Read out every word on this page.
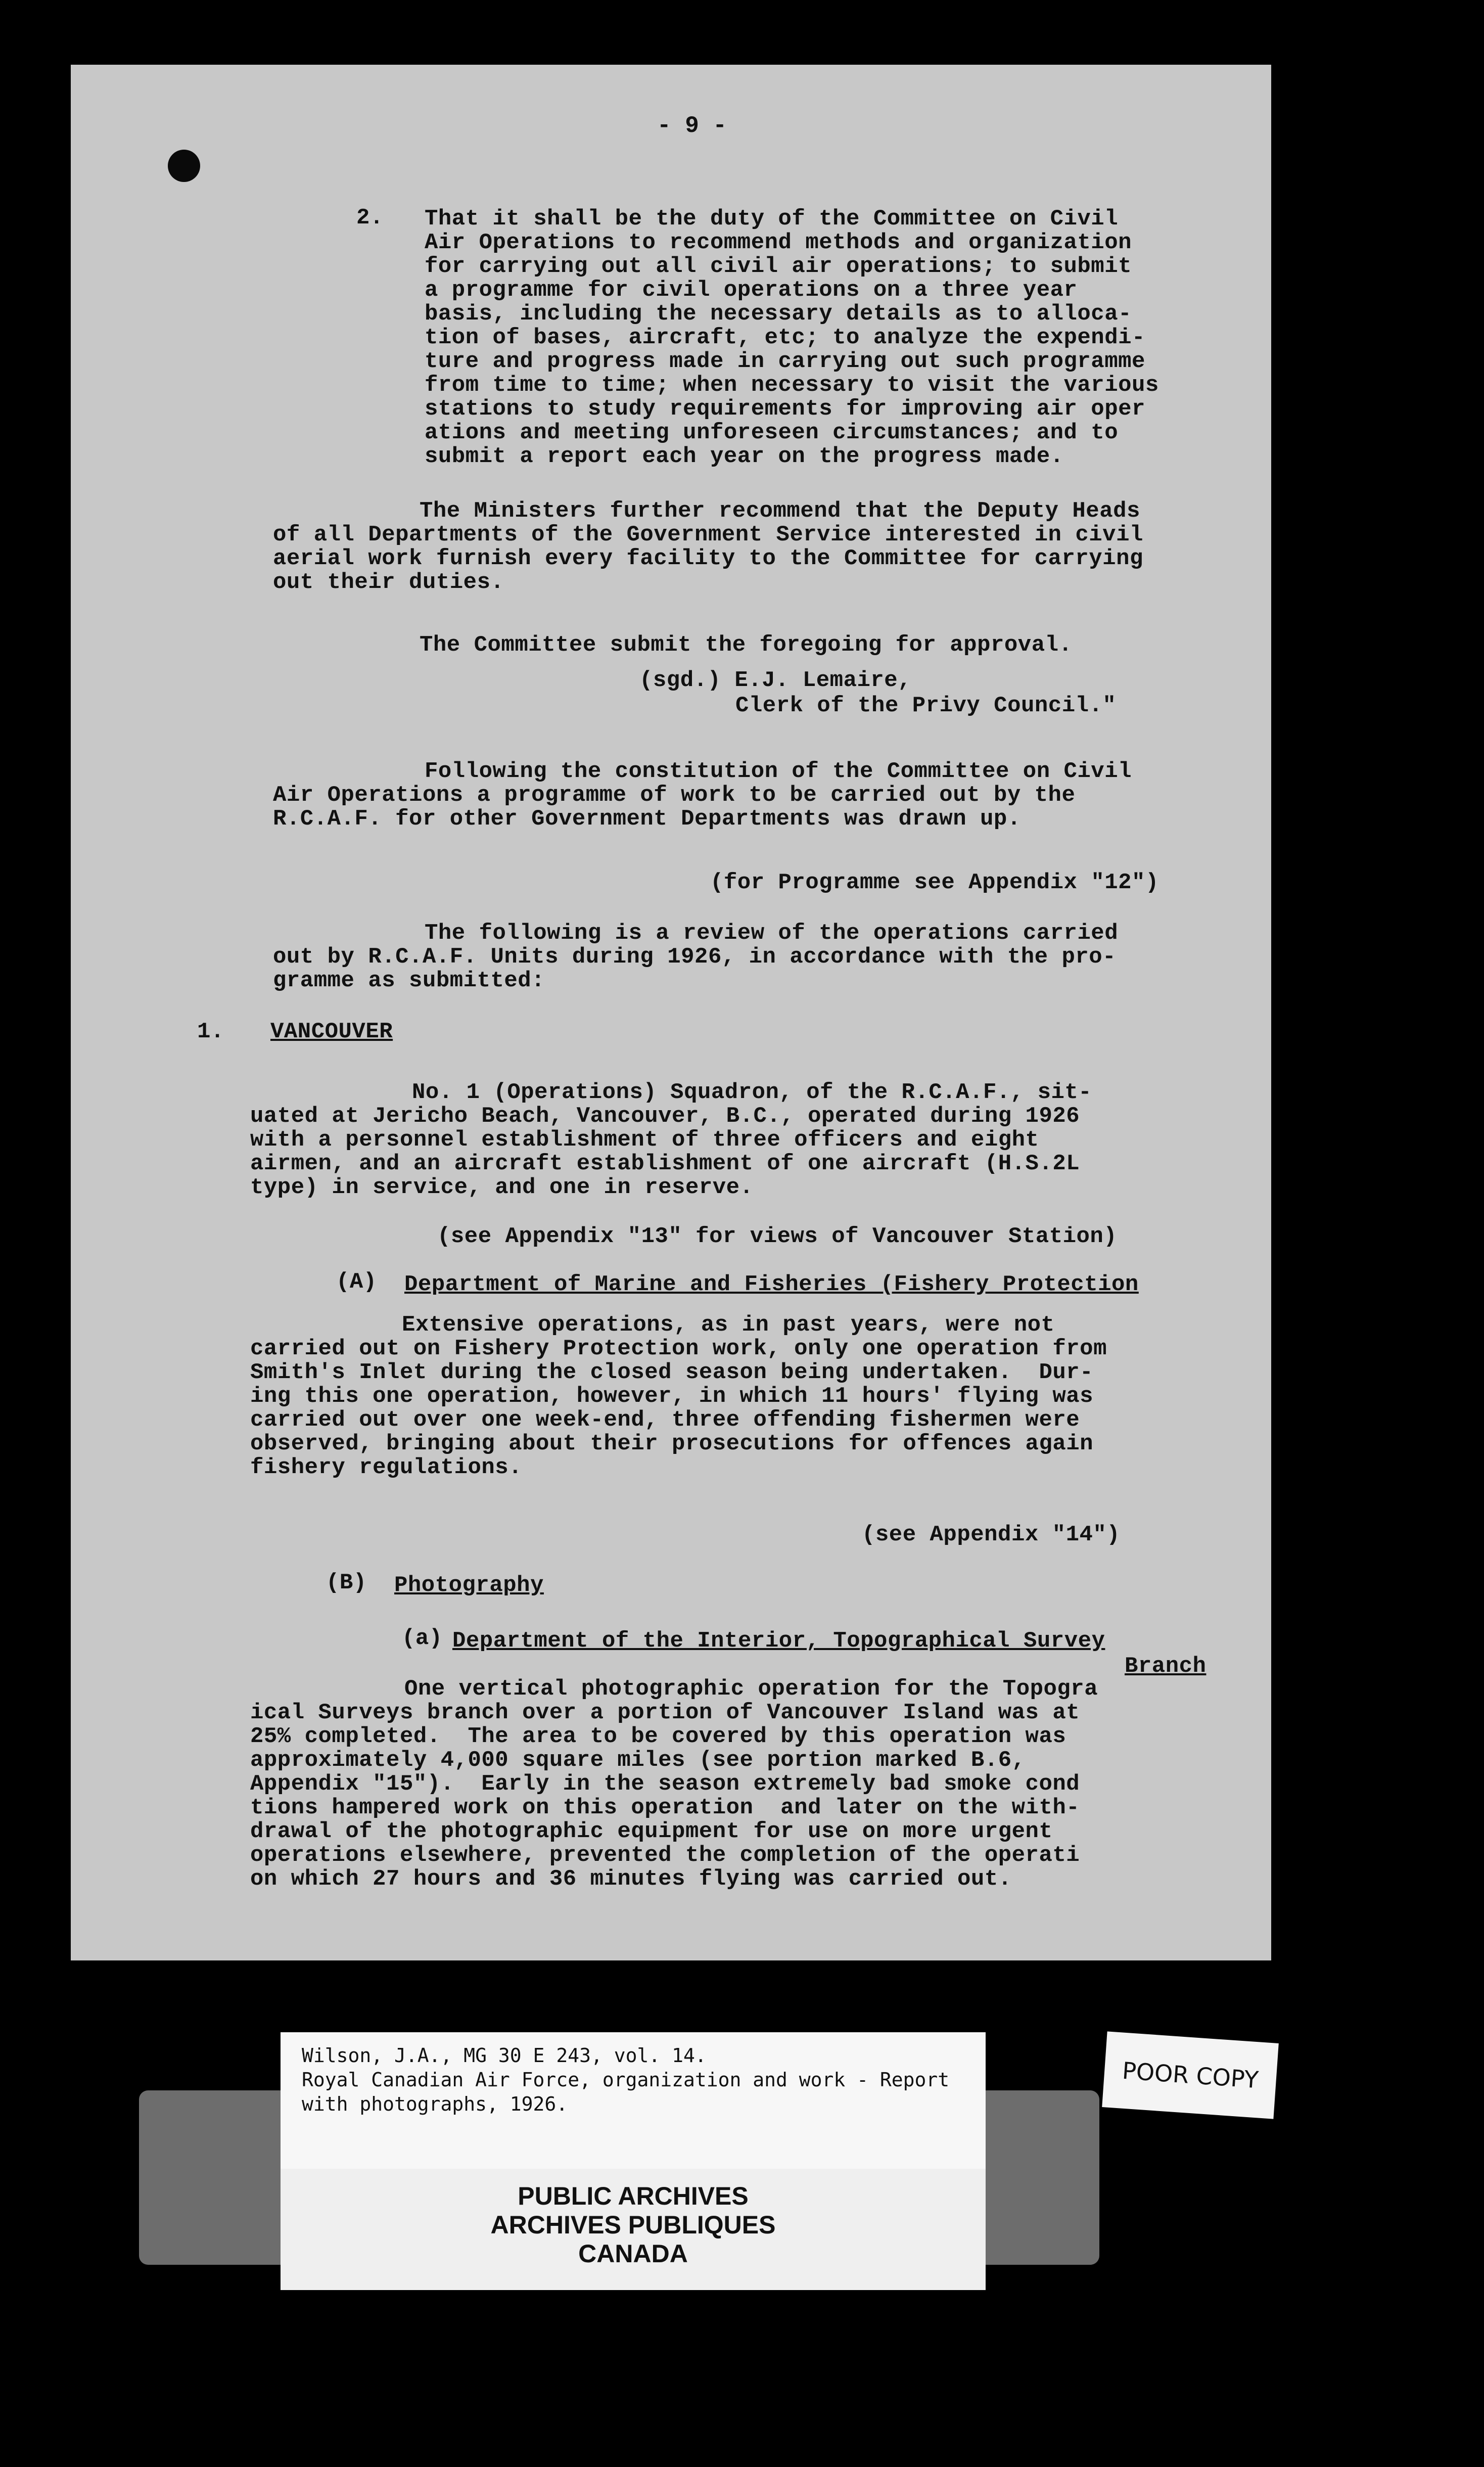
- 9 -
2. That it shall be the duty of the Committee on Civil
Air Operations to recommend methods and organization
for carrying out all civil air operations; to submit
a programme for civil operations on a three year
basis, including the necessary details as to alloca-
tion of bases, aircraft, etc; to analyze the expendi-
ture and progress made in carrying out such programme
from time to time; when necessary to visit the various
stations to study requirements for improving air oper
ations and meeting unforeseen circumstances; and to
submit a report each year on the progress made.
The Ministers further recommend that the Deputy Heads
of all Departments of the Government Service interested in civil
aerial work furnish every facility to the Committee for carrying
out their duties.
The Committee submit the foregoing for approval.
(sgd.) E.J. Lemaire,
Clerk of the Privy Council."
Following the constitution of the Committee on Civil
Air Operations a programme of work to be carried out by the
R.C.A.F. for other Government Departments was drawn up.
(for Programme see Appendix "12")
The following is a review of the operations carried
out by R.C.A.F. Units during 1926, in accordance with the pro-
gramme as submitted:
1. VANCOUVER
No. 1 (Operations) Squadron, of the R.C.A.F., sit-
uated at Jericho Beach, Vancouver, B.C., operated during 1926
with a personnel establishment of three officers and eight
airmen, and an aircraft establishment of one aircraft (H.S.2L
type) in service, and one in reserve.
(see Appendix "13" for views of Vancouver Station)
(A) Department of Marine and Fisheries (Fishery Protection
Extensive operations, as in past years, were not
carried out on Fishery Protection work, only one operation from
Smith's Inlet during the closed season being undertaken.  Dur-
ing this one operation, however, in which 11 hours' flying was
carried out over one week-end, three offending fishermen were
observed, bringing about their prosecutions for offences again
fishery regulations.
(see Appendix "14")
(B) Photography
(a) Department of the Interior, Topographical Survey
Branch
One vertical photographic operation for the Topogra
ical Surveys branch over a portion of Vancouver Island was at
25% completed.  The area to be covered by this operation was
approximately 4,000 square miles (see portion marked B.6,
Appendix "15").  Early in the season extremely bad smoke cond
tions hampered work on this operation  and later on the with-
drawal of the photographic equipment for use on more urgent
operations elsewhere, prevented the completion of the operati
on which 27 hours and 36 minutes flying was carried out.
Wilson, J.A., MG 30 E 243, vol. 14.
Royal Canadian Air Force, organization and work - Report
with photographs, 1926.
PUBLIC ARCHIVES
ARCHIVES PUBLIQUES
CANADA
POOR COPY
